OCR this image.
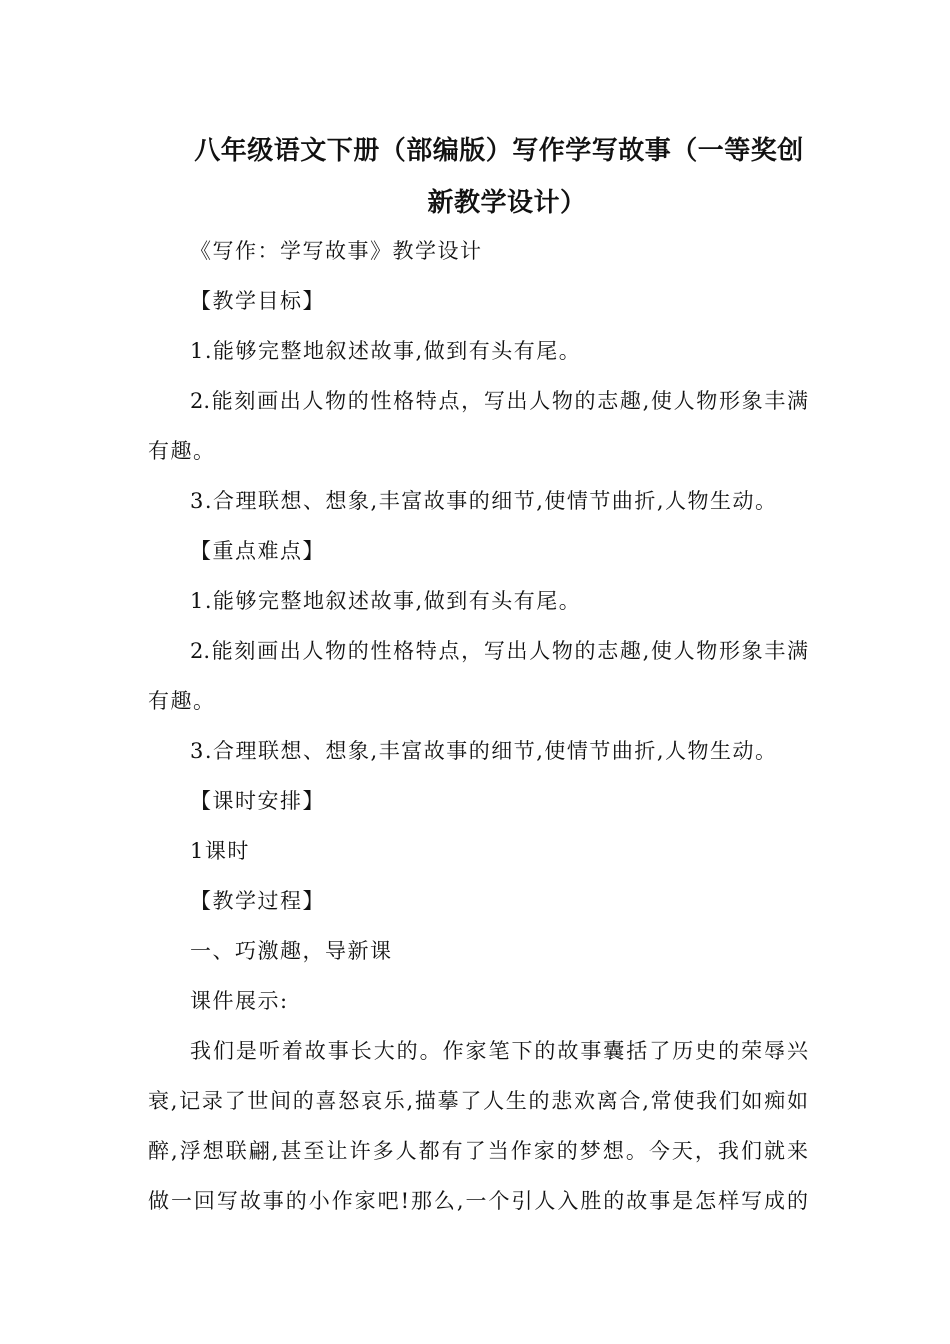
八年级语文下册（部编版）写作学写故事（一等奖创
新教学设计）
《写作：学写故事》教学设计
【教学目标】
1.能够完整地叙述故事,做到有头有尾。
2.能刻画出人物的性格特点，写出人物的志趣,使人物形象丰满
有趣。
3.合理联想、想象,丰富故事的细节,使情节曲折,人物生动。
【重点难点】
1.能够完整地叙述故事,做到有头有尾。
2.能刻画出人物的性格特点，写出人物的志趣,使人物形象丰满
有趣。
3.合理联想、想象,丰富故事的细节,使情节曲折,人物生动。
【课时安排】
1课时
【教学过程】
一、巧激趣，导新课
课件展示:
我们是听着故事长大的。作家笔下的故事囊括了历史的荣辱兴
衰,记录了世间的喜怒哀乐,描摹了人生的悲欢离合,常使我们如痴如
醉,浮想联翩,甚至让许多人都有了当作家的梦想。今天，我们就来
做一回写故事的小作家吧!那么,一个引人入胜的故事是怎样写成的
